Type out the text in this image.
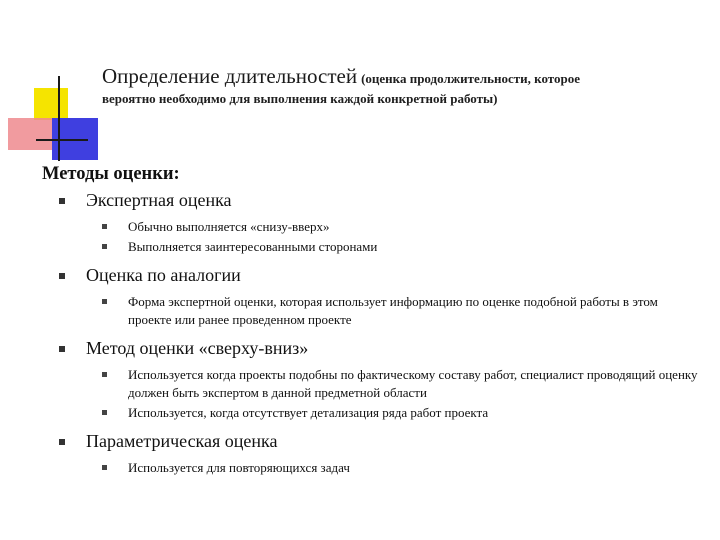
Определение длительностей (оценка продолжительности, которое
вероятно необходимо для выполнения каждой конкретной работы)
Методы оценки:
Экспертная оценка
Обычно выполняется «снизу-вверх»
Выполняется заинтересованными сторонами
Оценка по аналогии
Форма экспертной оценки, которая использует информацию по оценке подобной работы в этом проекте или ранее проведенном проекте
Метод оценки «сверху-вниз»
Используется когда проекты подобны по фактическому составу работ, специалист проводящий оценку должен быть экспертом в данной предметной области
Используется, когда отсутствует детализация ряда работ проекта
Параметрическая оценка
Используется для повторяющихся задач
